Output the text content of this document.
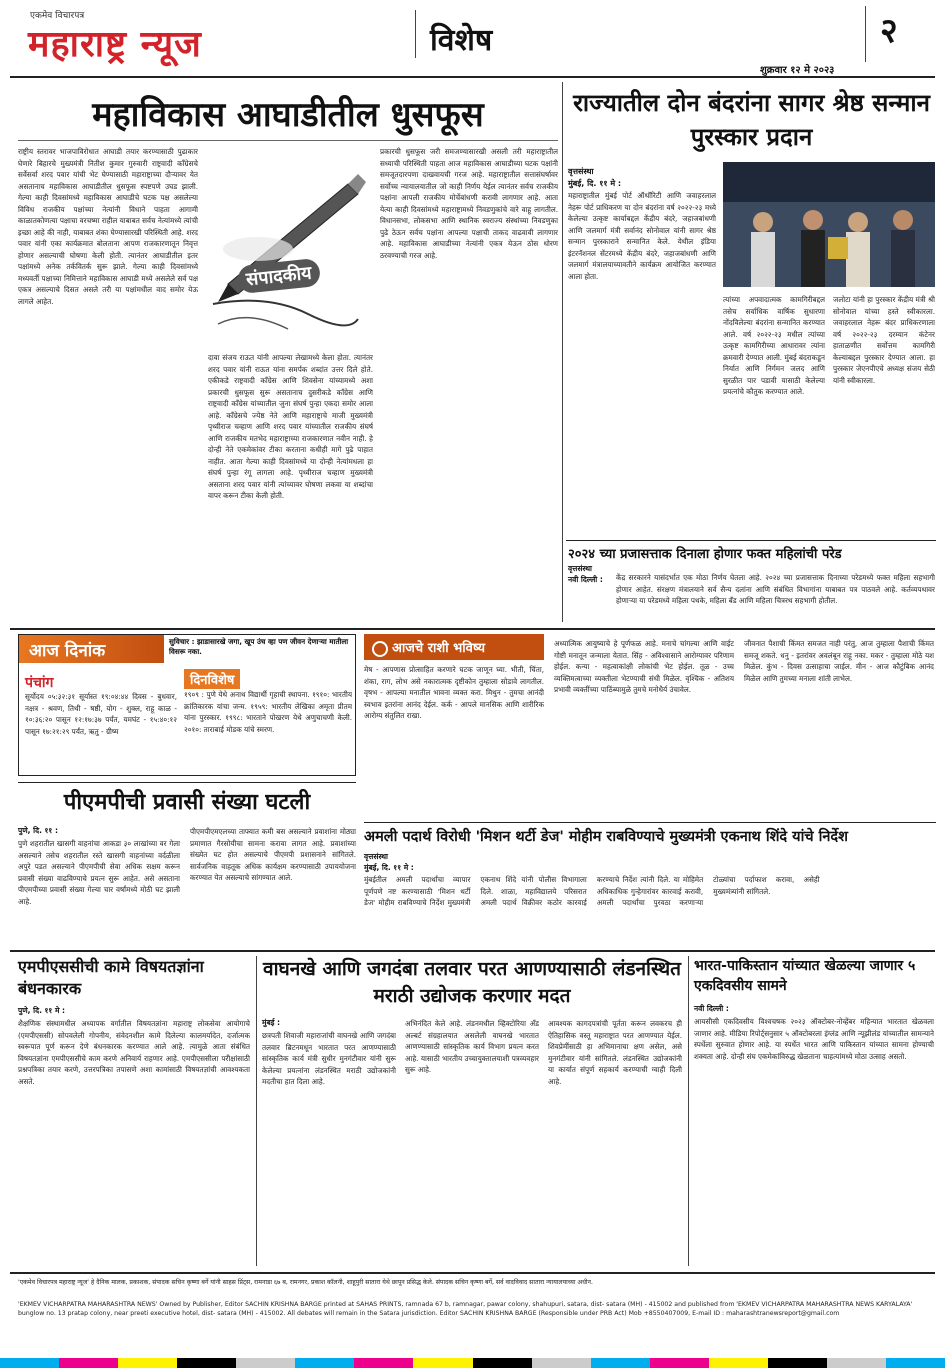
एकमेव विचारपत्र
महाराष्ट्र न्यूज	विशेष	२
शुक्रवार १२ मे २०२३
महाविकास आघाडीतील धुसफूस
राष्ट्रीय स्तरावर भाजपाविरोधात आघाडी तयार करण्यासाठी पुढाकार घेणारे बिहारचे मुख्यमंत्री नितीश कुमार गुरुवारी राष्ट्रवादी काँग्रेसचे सर्वेसर्वा शरद पवार यांची भेट घेण्यासाठी महाराष्ट्राच्या दौऱ्यावर येत असतानाच महाविकास आघाडीतील धुसफूस स्पष्टपणे उघड झाली. गेल्या काही दिवसांमध्ये महाविकास आघाडीचे घटक पक्ष असलेल्या विविध राजकीय पक्षांच्या नेत्यांनी विधाने पाहता आगामी काळातकोणत्या पक्षाचा वरचष्मा राहील याबाबत सर्वच नेत्यांमध्ये त्यांची इच्छा आहे की नाही, याबाबत शंका घेण्यासारखी परिस्थिती आहे. शरद पवार यांनी एका कार्यक्रमात बोलताना आपण राजकारणातून निवृत्त होणार असल्याची घोषणा केली होती. त्यानंतर आघाडीतील इतर पक्षांमध्ये अनेक तर्कवितर्क सुरू झाले. गेल्या काही दिवसांमध्ये मध्यवर्ती पक्षाच्या निमित्ताने महाविकास आघाडी मध्ये असलेले सर्व पक्ष एकत्र असल्याचे दिसत असले तरी या पक्षांमधील वाद समोर येऊ लागले आहेत.
संपादकीय
दावा संजय राऊत यांनी आपल्या लेखामध्ये केला होता. त्यानंतर शरद पवार यांनी राऊत यांना समर्पक शब्दांत उत्तर दिले होते. एकीकडे राष्ट्रवादी काँग्रेस आणि शिवसेना यांच्यामध्ये अशा प्रकारची धुसफूस सुरू असतानाच दुसरीकडे काँग्रेस आणि राष्ट्रवादी काँग्रेस यांच्यातील जुना संघर्ष पुन्हा एकदा समोर आला आहे. काँग्रेसचे ज्येष्ठ नेते आणि महाराष्ट्राचे माजी मुख्यमंत्री पृथ्वीराज चव्हाण आणि शरद पवार यांच्यातील राजकीय संघर्ष आणि राजकीय मतभेद महाराष्ट्राच्या राजकारणात नवीन नाही. हे दोन्ही नेते एकमेकांवर टीका करताना कधीही मागे पुढे पाहात नाहीत. आता गेल्या काही दिवसांमध्ये या दोन्ही नेत्यांमधला हा संघर्ष पुन्हा रंगू लागला आहे. पृथ्वीराज चव्हाण मुख्यमंत्री असताना शरद पवार यांनी त्यांच्यावर घोषणा लकवा या शब्दांचा वापर करून टीका केली होती.
प्रकारची धुसफूस जरी समजण्यासारखी असली तरी महाराष्ट्रातील सध्याची परिस्थिती पाहता आज महाविकास आघाडीच्या घटक पक्षांनी समजूतदारपणा दाखवायची गरज आहे. महाराष्ट्रातील सत्तासंघर्षावर सर्वोच्च न्यायालयातील जो काही निर्णय येईल त्यानंतर सर्वच राजकीय पक्षांना आपली राजकीय मोर्चेबांधणी करावी लागणार आहे. आता येत्या काही दिवसांमध्ये महाराष्ट्रामध्ये निवडणुकांचे वारे वाहू लागतील. विधानसभा, लोकसभा आणि स्थानिक स्वराज्य संस्थांच्या निवडणुका पुढे ठेऊन सर्वच पक्षांना आपल्या पक्षाची ताकद वाढवावी लागणार आहे. महाविकास आघाडीच्या नेत्यांनी एकत्र येऊन ठोस धोरण ठरवण्याची गरज आहे.
राज्यातील दोन बंदरांना सागर श्रेष्ठ सन्मान पुरस्कार प्रदान
वृत्तसंस्था
मुंबई, दि. ११ मे :
महाराष्ट्रातील मुंबई पोर्ट ऑथॉरिटी आणि जवाहरलाल नेहरू पोर्ट प्राधिकरण या दोन बंदरांना वर्ष २०२२-२३ मध्ये केलेल्या उत्कृष्ट कार्याबद्दल केंद्रीय बंदरे, जहाजबांधणी आणि जलमार्ग मंत्री सर्वानंद सोनोवाल यांनी सागर श्रेष्ठ सन्मान पुरस्काराने सन्मानित केले. येथील इंडिया इंटरनॅशनल सेंटरमध्ये केंद्रीय बंदरे, जहाजबांधणी आणि जलमार्ग मंत्रालयाच्यावतीने कार्यक्रम आयोजित करण्यात आला होता.
त्यांच्या अपवादात्मक कामगिरीबद्दल तसेच सर्वाधिक वार्षिक सुधारणा नोंदविलेल्या बंदरांना सन्मानित करण्यात आले. वर्ष २०२२-२३ मधील त्यांच्या उत्कृष्ट कामगिरीच्या आधारावर त्यांना क्रमवारी देण्यात आली. मुंबई बंदराकडून निर्यात आणि निर्गमन जलद आणि सुरळीत पार पडावी यासाठी केलेल्या प्रयत्नांचे कौतुक करण्यात आले.
जलोटा यांनी हा पुरस्कार केंद्रीय मंत्री श्री सोनोवाल यांच्या हस्ते स्वीकारला. जवाहरलाल नेहरू बंदर प्राधिकरणाला वर्ष २०२२-२३ दरम्यान कंटेनर हाताळणीत सर्वोत्तम कामगिरी केल्याबद्दल पुरस्कार देण्यात आला. हा पुरस्कार जेएनपीएचे अध्यक्ष संजय सेठी यांनी स्वीकारला.
२०२४ च्या प्रजासत्ताक दिनाला होणार फक्त महिलांची परेड
वृत्तसंस्था
नवी दिल्ली : केंद्र सरकारने यासंदर्भात एक मोठा निर्णय घेतला आहे. २०२४ च्या प्रजासत्ताक दिनाच्या परेडमध्ये फक्त महिला सहभागी होणार आहेत. संरक्षण मंत्रालयाने सर्व सैन्य दलांना आणि संबंधित विभागांना याबाबत पत्र पाठवले आहे. कर्तव्यपथावर होणाऱ्या या परेडमध्ये महिला पथके, महिला बँड आणि महिला चित्ररथ सहभागी होतील.
आज दिनांक	सुविचार : झाडासारखे जगा, खूप उंच व्हा पण जीवन देणाऱ्या मातीला विसरू नका.
पंचांग
सूर्योदय ०५:३२:३१ सूर्यास्त १९:०४:४४ दिवस - बुधवार, नक्षत्र - श्रवण, तिथी - षष्ठी, योग - शुक्ल, राहू काळ - १०:३६:२० पासून १२:१७:३७ पर्यंत, यमघंट - १५:४०:१२ पासून १७:२१:२९ पर्यंत, ऋतु - ग्रीष्म
दिनविशेष
१९०९ : पुणे येथे अनाथ विद्यार्थी गृहाची स्थापना. १९१०: भारतीय क्रांतिकारक यांचा जन्म. १९५९: भारतीय लेखिका अमृता प्रीतम यांना पुरस्कार. १९९८: भारताने पोखरण येथे अणुचाचणी केली. २०१०: ताराबाई मोडक यांचे स्मरण.
आजचे राशी भविष्य
मेष - आपणास प्रोत्साहित करणारे घटक जाणून घ्या. भीती, चिंता, शंका, राग, लोभ असे नकारात्मक दृष्टीकोन तुम्हाला सोडावे लागतील. वृषभ - आपल्या मनातील भावना व्यक्त करा. मिथुन - तुमचा आनंदी स्वभाव इतरांना आनंद देईल. कर्क - आपले मानसिक आणि शारीरिक आरोग्य संतुलित राखा.
अध्यात्मिक आयुष्याचे हे पूर्णफळ आहे. मनाचे चांगल्या आणि वाईट गोष्टी मनातून जन्माला येतात. सिंह - अविश्वासाने आरोग्यावर परिणाम होईल. कन्या - महत्वाकांक्षी लोकांची भेट होईल. तूळ - उच्च व्यक्तिमत्वाच्या व्यक्तीला भेटण्याची संधी मिळेल. वृश्चिक - अतिशय प्रभावी व्यक्तींच्या पाठिंब्यामुळे तुमचे मनोधैर्य उंचावेल.
जीवनात पैशाची किंमत समजत नाही परंतु, आज तुम्हाला पैशाची किंमत समजू शकते. धनु - इतरांवर अवलंबून राहू नका. मकर - तुम्हाला मोठे यश मिळेल. कुंभ - दिवस उत्साहाचा जाईल. मीन - आज कौटुंबिक आनंद मिळेल आणि तुमच्या मनाला शांती लाभेल.
पीएमपीची प्रवासी संख्या घटली
पुणे, दि. ११ :
पुणे शहरातील खासगी वाहनांचा आकडा ३० लाखांच्या वर गेला असल्याने तसेच शहरातील रस्ते खासगी वाहनांच्या वर्दळीला अपुरे पडत असल्याने पीएमपीची सेवा अधिक सक्षम करून प्रवासी संख्या वाढविण्याचे प्रयत्न सुरू आहेत. असे असताना पीएमपीच्या प्रवासी संख्या गेल्या चार वर्षांमध्ये मोठी घट झाली आहे.
पीएमपीएमएलच्या ताफ्यात कमी बस असल्याने प्रवाशांना मोठ्या प्रमाणात गैरसोयीचा सामना करावा लागत आहे. प्रवाशांच्या संख्येत घट होत असल्याचे पीएमपी प्रशासनाने सांगितले. सार्वजनिक वाहतूक अधिक कार्यक्षम करण्यासाठी उपाययोजना करण्यात येत असल्याचे सांगण्यात आले.
अमली पदार्थ विरोधी 'मिशन थर्टी डेज' मोहीम राबविण्याचे मुख्यमंत्री एकनाथ शिंदे यांचे निर्देश
वृत्तसंस्था
मुंबई, दि. ११ मे :
मुंबईतील अमली पदार्थांचा व्यापार पूर्णपणे नष्ट करण्यासाठी 'मिशन थर्टी डेज' मोहीम राबविण्याचे निर्देश मुख्यमंत्री एकनाथ शिंदे यांनी पोलीस विभागाला दिले. शाळा, महाविद्यालये परिसरात अमली पदार्थ विक्रीवर कठोर कारवाई करण्याचे निर्देश त्यांनी दिले. या मोहिमेत अधिकाधिक गुन्हेगारांवर कारवाई करावी, अमली पदार्थांचा पुरवठा करणाऱ्या टोळ्यांचा पर्दाफाश करावा, असेही मुख्यमंत्र्यांनी सांगितले.
एमपीएससीची कामे विषयतज्ञांना बंधनकारक
पुणे, दि. ११ मे :
शैक्षणिक संस्थामधील अध्यापक वर्गातील विषयतज्ञांना महाराष्ट्र लोकसेवा आयोगाचे (एमपीएससी) सोपवलेली गोपनीय, संवेदनशील कामे दिलेल्या कालमर्यादेत, दर्जात्मक स्वरूपात पूर्ण करून देणे बंधनकारक करण्यात आले आहे. त्यामुळे आता संबंधित विषयतज्ञांना एमपीएससीचे काम करणे अनिवार्य राहणार आहे. एमपीएससीला परीक्षांसाठी प्रश्नपत्रिका तयार करणे, उत्तरपत्रिका तपासणे अशा कामांसाठी विषयतज्ञांची आवश्यकता असते.
वाघनखे आणि जगदंबा तलवार परत आणण्यासाठी लंडनस्थित मराठी उद्योजक करणार मदत
मुंबई :
छत्रपती शिवाजी महाराजांची वाघनखे आणि जगदंबा तलवार ब्रिटनमधून भारतात परत आणण्यासाठी सांस्कृतिक कार्य मंत्री सुधीर मुनगंटीवार यांनी सुरू केलेल्या प्रयत्नांना लंडनस्थित मराठी उद्योजकांनी मदतीचा हात दिला आहे.
अभिनंदित केले आहे. लंडनमधील व्हिक्टोरिया अँड अल्बर्ट संग्रहालयात असलेली वाघनखे भारतात आणण्यासाठी सांस्कृतिक कार्य विभाग प्रयत्न करत आहे. यासाठी भारतीय उच्चायुक्तालयाशी पत्रव्यवहार सुरू आहे.
आवश्यक कागदपत्रांची पूर्तता करून लवकरच ही ऐतिहासिक वस्तू महाराष्ट्रात परत आणण्यात येईल. शिवप्रेमींसाठी हा अभिमानाचा क्षण असेल, असे मुनगंटीवार यांनी सांगितले. लंडनस्थित उद्योजकांनी या कार्यात संपूर्ण सहकार्य करण्याची ग्वाही दिली आहे.
भारत-पाकिस्तान यांच्यात खेळल्या जाणार ५ एकदिवसीय सामने
नवी दिल्ली :
आयसीसी एकदिवसीय विश्वचषक २०२३ ऑक्टोबर-नोव्हेंबर महिन्यात भारतात खेळवला जाणार आहे. मीडिया रिपोर्ट्सनुसार ५ ऑक्टोबरला इंग्लंड आणि न्यूझीलंड यांच्यातील सामन्याने स्पर्धेला सुरुवात होणार आहे. या स्पर्धेत भारत आणि पाकिस्तान यांच्यात सामना होण्याची शक्यता आहे. दोन्ही संघ एकमेकांविरुद्ध खेळताना चाहत्यांमध्ये मोठा उत्साह असतो.
'एकमेव विचारपत्र महाराष्ट्र न्यूज' हे दैनिक मालक, प्रकाशक, संपादक सचिन कृष्णा बर्गे यांनी साहस प्रिंट्स, रामनाडा ६७ ब, रामनगर, प्रकाश कॉलनी, शाहूपुरी सातारा येथे छापून प्रसिद्ध केले. संपादक सचिन कृष्णा बर्गे, सर्व वादविवाद सातारा न्यायालयाच्या अधीन.
'EKMEV VICHARPATRA MAHARASHTRA NEWS' Owned by Publisher, Editor SACHIN KRISHNA BARGE printed at SAHAS PRINTS, ramnada 67 b, ramnagar, pawar colony, shahupuri, satara, dist- satara (MH) - 415002 and published from 'EKMEV VICHARPATRA MAHARASHTRA NEWS KARYALAYA' bunglow no. 13 pratap colony, near preeti executive hotel, dist- satara (MH) - 415002. All debates will remain in the Satara jurisdiction. Editor SACHIN KRISHNA BARGE (Responsible under PRB Act) Mob +8550407009, E-mail ID : maharashtranewsreport@gmail.com
